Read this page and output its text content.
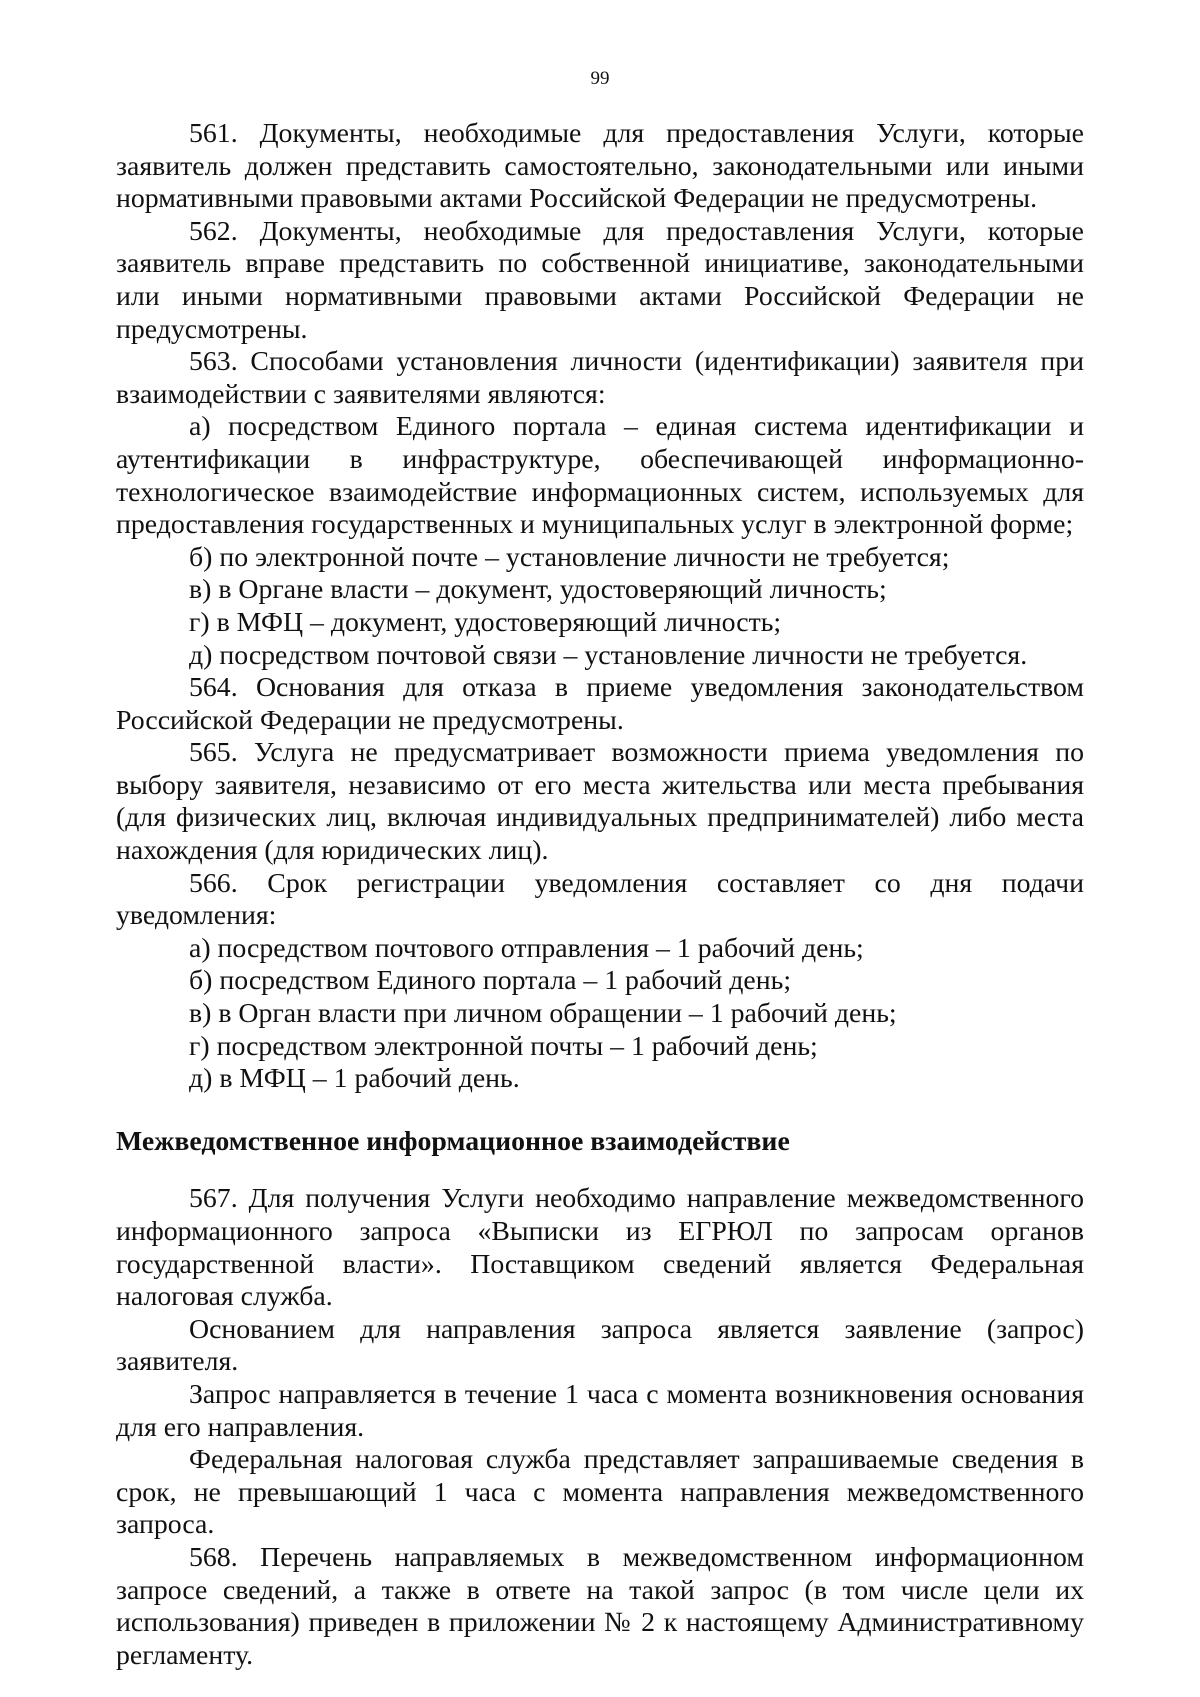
99

561. Документы, необходимые для предоставления Услуги, которые заявитель должен представить самостоятельно, законодательными или иными нормативными правовыми актами Российской Федерации не предусмотрены.

562. Документы, необходимые для предоставления Услуги, которые заявитель вправе представить по собственной инициативе, законодательными или иными нормативными правовыми актами Российской Федерации не предусмотрены.

563. Способами установления личности (идентификации) заявителя при взаимодействии с заявителями являются:

а) посредством Единого портала – единая система идентификации и аутентификации в инфраструктуре, обеспечивающей информационно-технологическое взаимодействие информационных систем, используемых для предоставления государственных и муниципальных услуг в электронной форме;

б) по электронной почте – установление личности не требуется;

в) в Органе власти – документ, удостоверяющий личность;

г) в МФЦ – документ, удостоверяющий личность;

д) посредством почтовой связи – установление личности не требуется.

564. Основания для отказа в приеме уведомления законодательством Российской Федерации не предусмотрены.

565. Услуга не предусматривает возможности приема уведомления по выбору заявителя, независимо от его места жительства или места пребывания (для физических лиц, включая индивидуальных предпринимателей) либо места нахождения (для юридических лиц).

566. Срок регистрации уведомления составляет со дня подачи уведомления:

а) посредством почтового отправления – 1 рабочий день;

б) посредством Единого портала – 1 рабочий день;

в) в Орган власти при личном обращении – 1 рабочий день;

г) посредством электронной почты – 1 рабочий день;

д) в МФЦ – 1 рабочий день.

Межведомственное информационное взаимодействие

567. Для получения Услуги необходимо направление межведомственного информационного запроса «Выписки из ЕГРЮЛ по запросам органов государственной власти». Поставщиком сведений является Федеральная налоговая служба.

Основанием для направления запроса является заявление (запрос) заявителя.

Запрос направляется в течение 1 часа с момента возникновения основания для его направления.

Федеральная налоговая служба представляет запрашиваемые сведения в срок, не превышающий 1 часа с момента направления межведомственного запроса.

568. Перечень направляемых в межведомственном информационном запросе сведений, а также в ответе на такой запрос (в том числе цели их использования) приведен в приложении № 2 к настоящему Административному регламенту.
